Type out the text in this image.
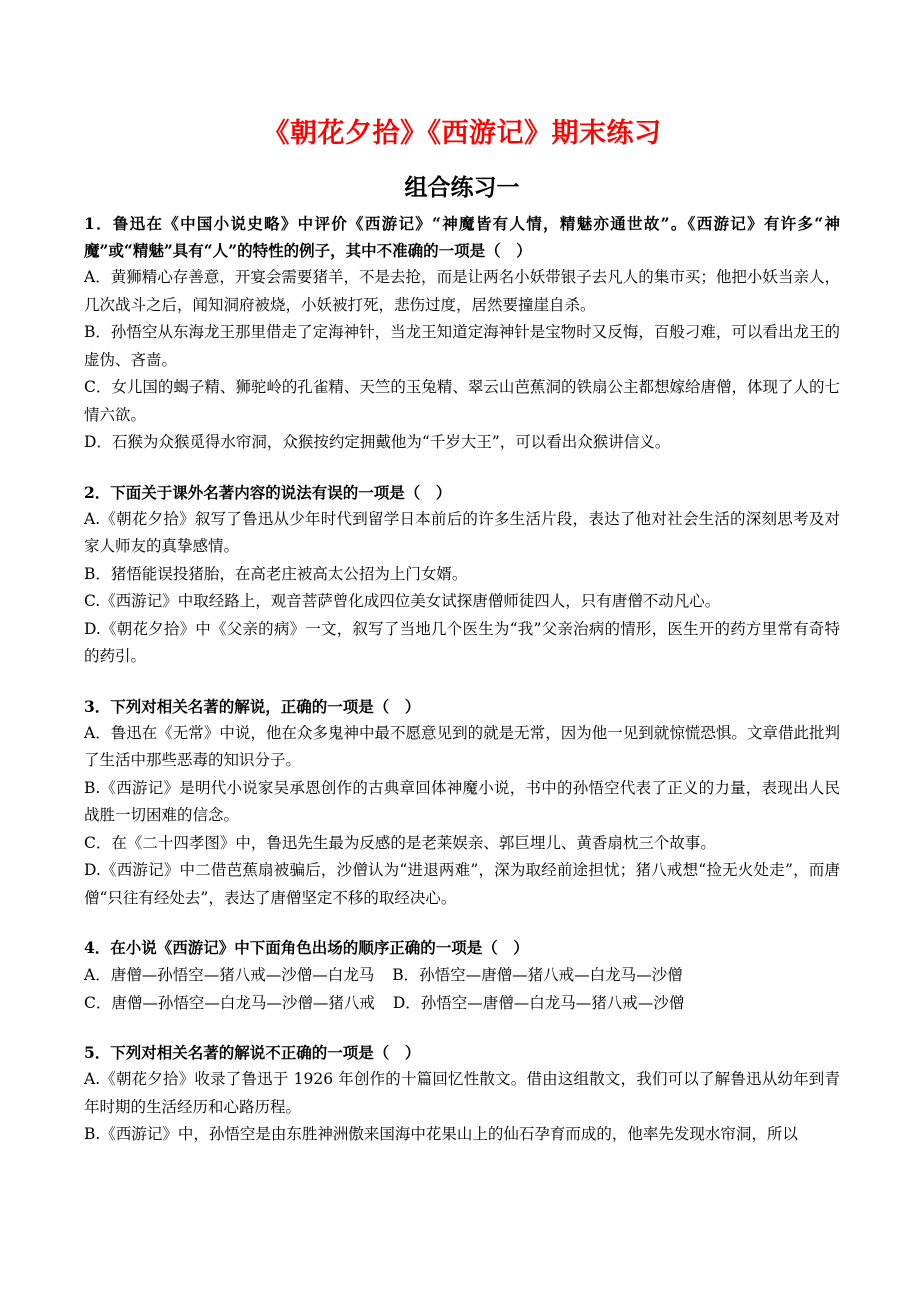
《朝花夕拾》《西游记》期末练习
组合练习一

1．鲁迅在《中国小说史略》中评价《西游记》“神魔皆有人情，精魅亦通世故”。《西游记》有许多“神魔”或“精魅”具有“人”的特性的例子，其中不准确的一项是（　）

A．黄狮精心存善意，开宴会需要猪羊，不是去抢，而是让两名小妖带银子去凡人的集市买；他把小妖当亲人，几次战斗之后，闻知洞府被烧，小妖被打死，悲伤过度，居然要撞崖自杀。

B．孙悟空从东海龙王那里借走了定海神针，当龙王知道定海神针是宝物时又反悔，百般刁难，可以看出龙王的虚伪、吝啬。

C．女儿国的蝎子精、狮驼岭的孔雀精、天竺的玉兔精、翠云山芭蕉洞的铁扇公主都想嫁给唐僧，体现了人的七情六欲。

D．石猴为众猴觅得水帘洞，众猴按约定拥戴他为“千岁大王”，可以看出众猴讲信义。

2．下面关于课外名著内容的说法有误的一项是（　）

A.《朝花夕拾》叙写了鲁迅从少年时代到留学日本前后的许多生活片段，表达了他对社会生活的深刻思考及对家人师友的真挚感情。

B．猪悟能误投猪胎，在高老庄被高太公招为上门女婿。

C.《西游记》中取经路上，观音菩萨曾化成四位美女试探唐僧师徒四人，只有唐僧不动凡心。

D.《朝花夕拾》中《父亲的病》一文，叙写了当地几个医生为“我”父亲治病的情形，医生开的药方里常有奇特的药引。

3．下列对相关名著的解说，正确的一项是（　）

A．鲁迅在《无常》中说，他在众多鬼神中最不愿意见到的就是无常，因为他一见到就惊慌恐惧。文章借此批判了生活中那些恶毒的知识分子。

B.《西游记》是明代小说家吴承恩创作的古典章回体神魔小说，书中的孙悟空代表了正义的力量，表现出人民战胜一切困难的信念。

C．在《二十四孝图》中，鲁迅先生最为反感的是老莱娱亲、郭巨埋儿、黄香扇枕三个故事。

D.《西游记》中二借芭蕉扇被骗后，沙僧认为“进退两难”，深为取经前途担忧；猪八戒想“捡无火处走”，而唐僧“只往有经处去”，表达了唐僧坚定不移的取经决心。

4．在小说《西游记》中下面角色出场的顺序正确的一项是（　）

A．唐僧—孙悟空—猪八戒—沙僧—白龙马 B．孙悟空—唐僧—猪八戒—白龙马—沙僧
C．唐僧—孙悟空—白龙马—沙僧—猪八戒 D．孙悟空—唐僧—白龙马—猪八戒—沙僧

5．下列对相关名著的解说不正确的一项是（　）

A.《朝花夕拾》收录了鲁迅于 1926 年创作的十篇回忆性散文。借由这组散文，我们可以了解鲁迅从幼年到青年时期的生活经历和心路历程。

B.《西游记》中，孙悟空是由东胜神洲傲来国海中花果山上的仙石孕育而成的，他率先发现水帘洞，所以
